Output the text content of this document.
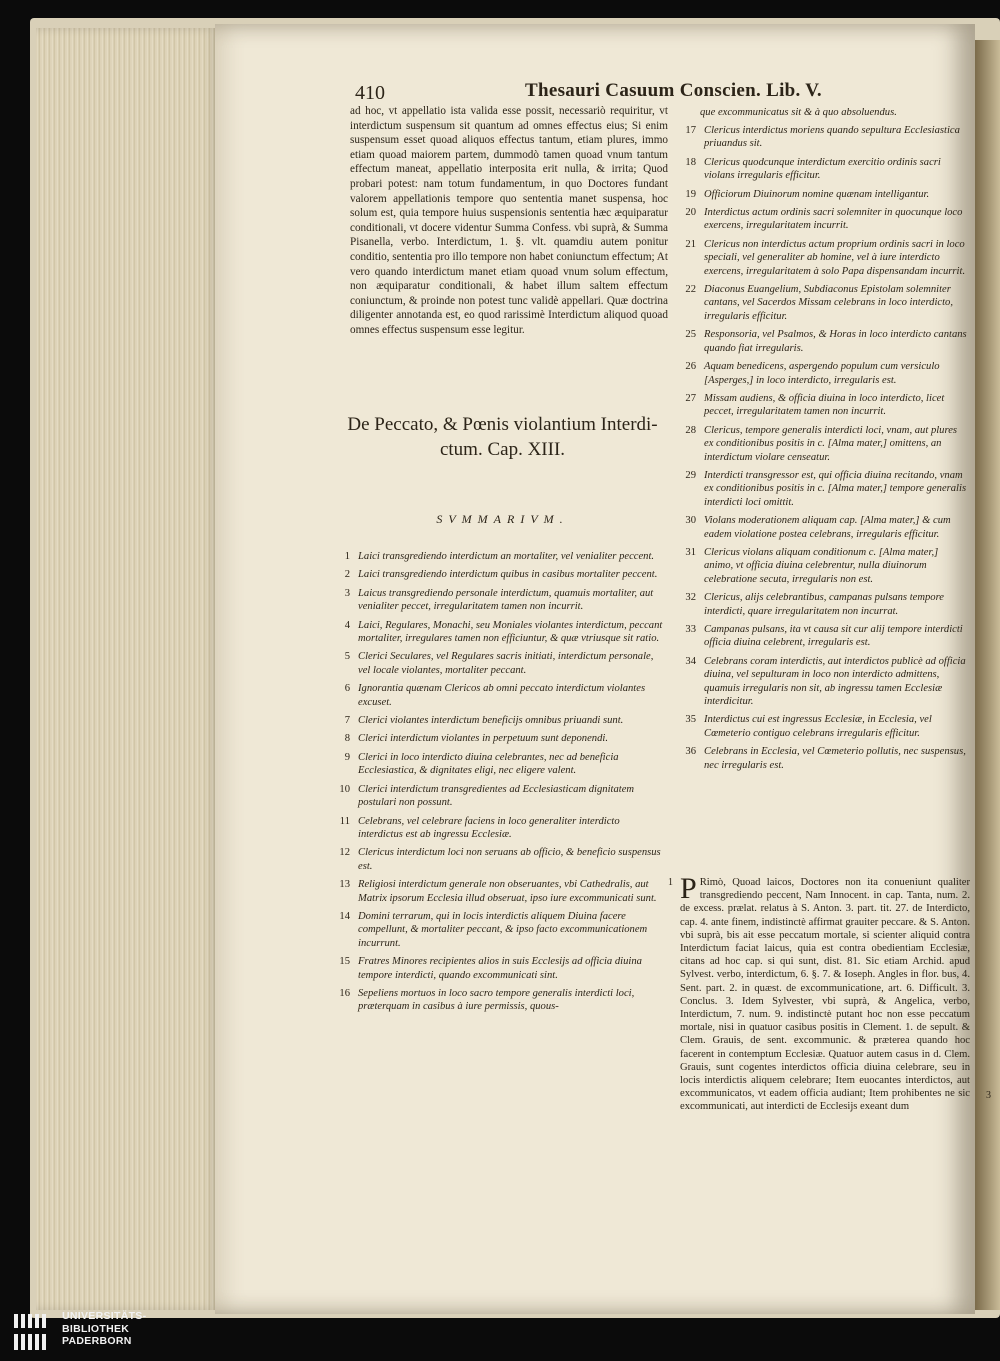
410	Thesauri Casuum Conscien. Lib. V.

ad hoc, vt appellatio ista valida esse possit, necessariò requiritur, vt interdictum suspensum sit quantum ad omnes effectus eius; Si enim suspensum esset quoad aliquos effectus tantum, etiam plures, immo etiam quoad maiorem partem, dummodò tamen quoad vnum tantum effectum maneat, appellatio interposita erit nulla, & irrita; Quod probari potest: nam totum fundamentum, in quo Doctores fundant valorem appellationis tempore quo sententia manet suspensa, hoc solum est, quia tempore huius suspensionis sententia hæc æquiparatur conditionali, vt docere videntur Summa Confess. vbi suprà, & Summa Pisanella, verbo. Interdictum, 1. §. vlt. quamdiu autem ponitur conditio, sententia pro illo tempore non habet coniunctum effectum; At vero quando interdictum manet etiam quoad vnum solum effectum, non æquiparatur conditionali, & habet illum saltem effectum coniunctum, & proinde non potest tunc validè appellari. Quæ doctrina diligenter annotanda est, eo quod rarissimè Interdictum aliquod quoad omnes effectus suspensum esse legitur.

De Peccato, & Pœnis violantium Interdi-
ctum. Cap. XIII.
SVMMARIVM.
1 Laici transgrediendo interdictum an mortaliter, vel venialiter peccent.
2 Laici transgrediendo interdictum quibus in casibus mortaliter peccent.
3 Laicus transgrediendo personale interdictum, quamuis mortaliter, aut venialiter peccet, irregularitatem tamen non incurrit.
4 Laici, Regulares, Monachi, seu Moniales violantes interdictum, peccant mortaliter, irregulares tamen non efficiuntur, & quæ vtriusque sit ratio.
5 Clerici Seculares, vel Regulares sacris initiati, interdictum personale, vel locale violantes, mortaliter peccant.
6 Ignorantia quænam Clericos ab omni peccato interdictum violantes excuset.
7 Clerici violantes interdictum beneficijs omnibus priuandi sunt.
8 Clerici interdictum violantes in perpetuum sunt deponendi.
9 Clerici in loco interdicto diuina celebrantes, nec ad beneficia Ecclesiastica, & dignitates eligi, nec eligere valent.
10 Clerici interdictum transgredientes ad Ecclesiasticam dignitatem postulari non possunt.
11 Celebrans, vel celebrare faciens in loco generaliter interdicto interdictus est ab ingressu Ecclesiæ.
12 Clericus interdictum loci non seruans ab officio, & beneficio suspensus est.
13 Religiosi interdictum generale non obseruantes, vbi Cathedralis, aut Matrix ipsorum Ecclesia illud obseruat, ipso iure excommunicati sunt.
14 Domini terrarum, qui in locis interdictis aliquem Diuina facere compellunt, & mortaliter peccant, & ipso facto excommunicationem incurrunt.
15 Fratres Minores recipientes alios in suis Ecclesijs ad officia diuina tempore interdicti, quando excommunicati sint.
16 Sepeliens mortuos in loco sacro tempore generalis interdicti loci, præterquam in casibus à iure permissis, quous-
que excommunicatus sit & à quo absoluendus.
17 Clericus interdictus moriens quando sepultura Ecclesiastica priuandus sit.
18 Clericus quodcunque interdictum exercitio ordinis sacri violans irregularis efficitur.
19 Officiorum Diuinorum nomine quænam intelligantur.
20 Interdictus actum ordinis sacri solemniter in quocunque loco exercens, irregularitatem incurrit.
21 Clericus non interdictus actum proprium ordinis sacri in loco speciali, vel generaliter ab homine, vel à iure interdicto exercens, irregularitatem à solo Papa dispensandam incurrit.
22 Diaconus Euangelium, Subdiaconus Epistolam solemniter cantans, vel Sacerdos Missam celebrans in loco interdicto, irregularis efficitur.
25 Responsoria, vel Psalmos, & Horas in loco interdicto cantans quando fiat irregularis.
26 Aquam benedicens, aspergendo populum cum versiculo [Asperges,] in loco interdicto, irregularis est.
27 Missam audiens, & officia diuina in loco interdicto, licet peccet, irregularitatem tamen non incurrit.
28 Clericus, tempore generalis interdicti loci, vnam, aut plures ex conditionibus positis in c. [Alma mater,] omittens, an interdictum violare censeatur.
29 Interdicti transgressor est, qui officia diuina recitando, vnam ex conditionibus positis in c. [Alma mater,] tempore generalis interdicti loci omittit.
30 Violans moderationem aliquam cap. [Alma mater,] & cum eadem violatione postea celebrans, irregularis efficitur.
31 Clericus violans aliquam conditionum c. [Alma mater,] animo, vt officia diuina celebrentur, nulla diuinorum celebratione secuta, irregularis non est.
32 Clericus, alijs celebrantibus, campanas pulsans tempore interdicti, quare irregularitatem non incurrat.
33 Campanas pulsans, ita vt causa sit cur alij tempore interdicti officia diuina celebrent, irregularis est.
34 Celebrans coram interdictis, aut interdictos publicè ad officia diuina, vel sepulturam in loco non interdicto admittens, quamuis irregularis non sit, ab ingressu tamen Ecclesiæ interdicitur.
35 Interdictus cui est ingressus Ecclesiæ, in Ecclesia, vel Cœmeterio contiguo celebrans irregularis efficitur.
36 Celebrans in Ecclesia, vel Cœmeterio pollutis, nec suspensus, nec irregularis est.
1 P Rimò, Quoad laicos, Doctores non ita conueniunt qualiter transgrediendo peccent, Nam Innocent. in cap. Tanta, num. 2. de excess. prælat. relatus à S. Anton. 3. part. tit. 27. de Interdicto, cap. 4. ante finem, indistinctè affirmat grauiter peccare. & S. Anton. vbi suprà, bis ait esse peccatum mortale, si scienter aliquid contra Interdictum faciat laicus, quia est contra obedientiam Ecclesiæ, citans ad hoc cap. si qui sunt, dist. 81. Sic etiam Archid. apud Sylvest. verbo, interdictum, 6. §. 7. & Ioseph. Angles in flor. bus, 4. Sent. part. 2. in quæst. de excommunicatione, art. 6. Difficult. 3. Conclus. 3. Idem Sylvester, vbi suprà, & Angelica, verbo, Interdictum, 7. num. 9. indistinctè putant hoc non esse peccatum mortale, nisi in quatuor casibus positis in Clement. 1. de sepult. & Clem. Grauis, de sent. excommunic. & præterea quando hoc facerent in contemptum Ecclesiæ. Quatuor autem casus in d. Clem. Grauis, sunt cogentes interdictos officia diuina celebrare, seu in locis interdictis aliquem celebrare; Item euocantes interdictos, aut excommunicatos, vt eadem officia audiant; Item prohibentes ne sic excommunicati, aut interdicti de Ecclesijs exeant dum
3
UNIVERSITÄTS-
BIBLIOTHEK
PADERBORN
